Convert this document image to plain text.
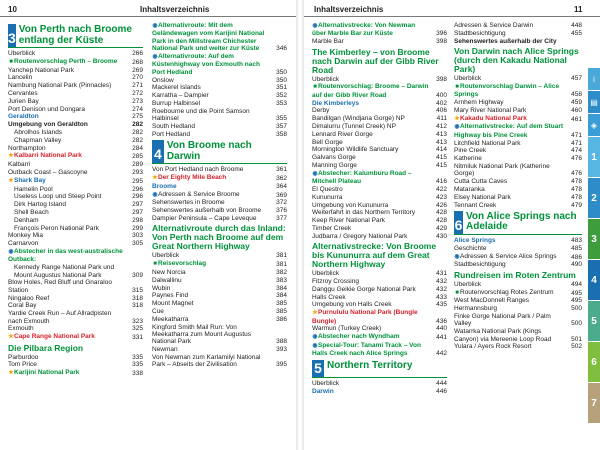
10	Inhaltsverzeichnis
3
Von Perth nach Broome entlang der Küste
Überblick	266
■Routenvorschlag Perth – Broome	268
Yanchep National Park	269
Lancelin	270
Nambung National Park (Pinnacles)	271
Cervantes	272
Jurien Bay	273
Port Denison und Dongara	274
Geraldton	275
Umgebung von Geraldton	282
Abrolhos Islands	282
Chapman Valley	282
Northampton	284
★Kalbarri National Park	285
Kalbarri	289
Outback Coast – Gascoyne	293
★Shark Bay	295
Hamelin Pool	296
Useless Loop und Steep Point	296
Dirk Hartog Island	297
Shell Beach	297
Denham	298
François Peron National Park	299
Monkey Mia	303
Carnarvon	305
◉Abstecher in das west-australische Outback:
Kennedy Range National Park und Mount Augustus National Park	309
Blow Holes, Red Bluff und Gnaraloo Station	315
Ningaloo Reef	318
Coral Bay	318
Yardie Creek Run – Auf Allradpisten nach Exmouth	323
Exmouth	325
★Cape Range National Park	331
Die Pilbara Region
Parburdoo	335
Tom Price	335
★Karijini National Park	338
◉Alternativroute: Mit dem Geländewagen vom Karijini National Park in den Millstream Chichester National Park und weiter zur Küste	346
◉Alternativroute: Auf dem Küstenhighway von Exmouth nach Port Hedland	350
Onslow	350
Mackerel Islands	351
Karratha – Dampier	352
Burrup Halbinsel	353
Roebourne und die Point Samson Halbinsel	355
South Hedland	357
Port Hedland	358
4
Von Broome nach Darwin
Von Port Hedland nach Broome	361
★Der Eighty Mile Beach	362
Broome	364
◉Adressen & Service Broome	369
Sehenswertes in Broome	372
Sehenswertes außerhalb von Broome	376
Dampier Peninsula – Cape Leveque	377
Alternativroute durch das Inland: Von Perth nach Broome auf dem Great Northern Highway
Überblick	381
■Reisevorschlag	381
New Norcia	382
Dalwallinu	383
Wubin	384
Paynes Find	384
Mount Magnet	385
Cue	385
Meekatharra	386
Kingford Smith Mail Run: Von Meekatharra zum Mount Augustus National Park	388
Newman	393
Von Newman zum Karlamilyi National Park – Abseits der Zivilisation	395
Inhaltsverzeichnis	11
◉Alternativstrecke: Von Newman über Marble Bar zur Küste	396
Marble Bar	398
The Kimberley – von Broome nach Darwin auf der Gibb River Road
Überblick	398
■Routenvorschlag: Broome – Darwin auf der Gibb River Road	400
Die Kimberleys	402
Derby	406
Bandilgan (Windjana Gorge) NP	411
Dimalurru (Tunnel Creek) NP	412
Lennard River Gorge	413
Bell Gorge	413
Mornington Wildlife Sanctuary	414
Galvans Gorge	415
Manning Gorge	415
◉Abstecher: Kalumburu Road – Mitchell Plateau	416
El Questro	422
Kununurra	423
Umgebung von Kununurra	426
Weiterfahrt in das Northern Territory	428
Keep River National Park	428
Timber Creek	429
Judbarra / Gregory National Park	430
Alternativstrecke: Von Broome bis Kununurra auf dem Great Northern Highway
Überblick	431
Fitzroy Crossing	432
Danggu Geikie Gorge National Park	432
Halls Creek	433
Umgebung von Halls Creek	435
★Purnululu National Park (Bungle Bungle)	436
Warmun (Turkey Creek)	440
◉Abstecher nach Wyndham	441
◉Special-Tour: Tanami Track – Von Halls Creek nach Alice Springs	442
5 Northern Territory
Überblick	444
Darwin	446
Adressen & Service Darwin	448
Stadtbesichtigung	455
Sehenswertes außerhalb der City
Von Darwin nach Alice Springs (durch den Kakadu National Park)
Überblick	457
■Routenvorschlag Darwin – Alice Springs	458
Arnhem Highway	459
Mary River National Park	460
★Kakadu National Park	461
◉Alternativstrecke: Auf dem Stuart Highway bis Pine Creek	471
Litchfield National Park	471
Pine Creek	474
Katherine	476
Nitmiluk National Park (Katherine Gorge)	476
Cutta Cutta Caves	478
Mataranka	478
Elsey National Park	478
Tennant Creek	479
6
Von Alice Springs nach Adelaide
Alice Springs	483
Geschichte	485
◉Adressen & Service Alice Springs	486
Stadtbesichtigung	490
Rundreisen im Roten Zentrum
Überblick	494
■Routenvorschlag Rotes Zentrum	495
West MacDonnell Ranges	495
Hermannsburg	500
Finke Gorge National Park / Palm Valley	500
Watarrka National Park (Kings Canyon) via Mereenie Loop Road	501
Yulara / Ayers Rock Resort	502
i
▤
◈
1
2
3
4
5
6
7
